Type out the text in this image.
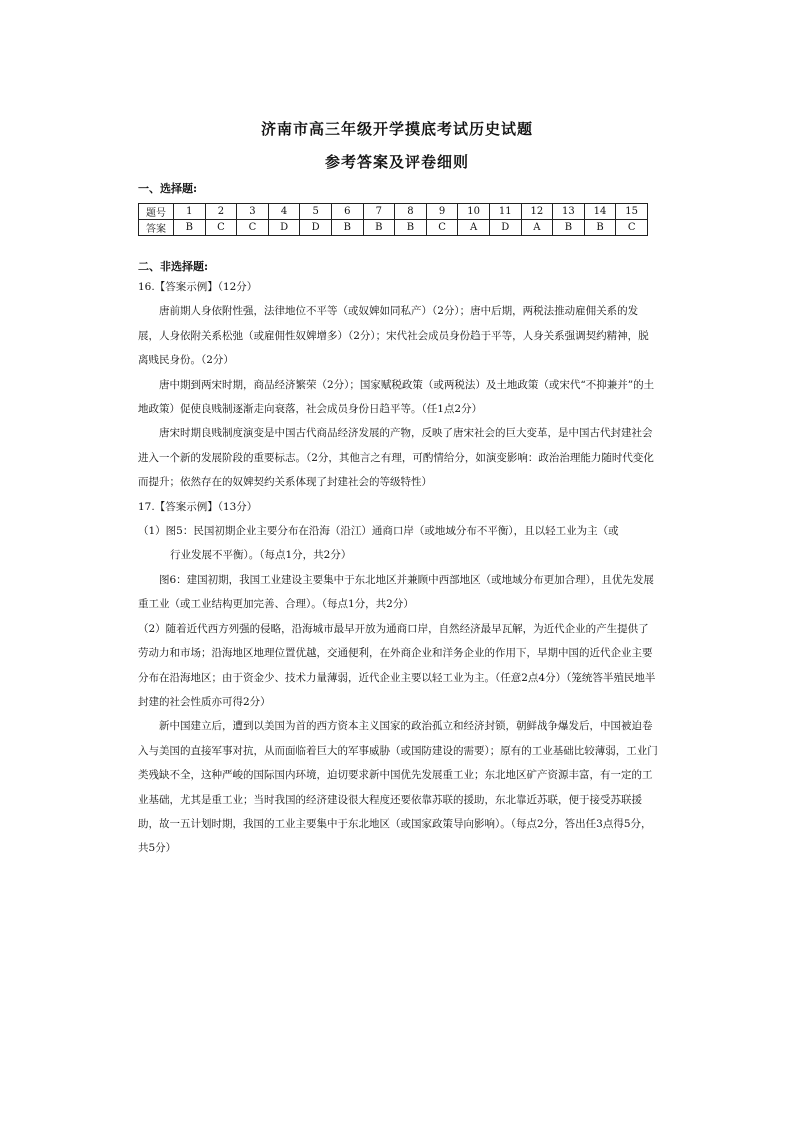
济南市高三年级开学摸底考试历史试题
参考答案及评卷细则
一、选择题:
题号	1	2	3	4	5	6	7	8	9	10	11	12	13	14	15
答案	B	C	C	D	D	B	B	B	C	A	D	A	B	B	C
二、非选择题:

16.【答案示例】（12分）

唐前期人身依附性强，法律地位不平等（或奴婢如同私产）（2分）；唐中后期，两税法推动雇佣关系的发展，人身依附关系松弛（或雇佣性奴婢增多）（2分）；宋代社会成员身份趋于平等，人身关系强调契约精神，脱离贱民身份。（2分）

唐中期到两宋时期，商品经济繁荣（2分）；国家赋税政策（或两税法）及土地政策（或宋代“不抑兼并”的土地政策）促使良贱制逐渐走向衰落，社会成员身份日趋平等。（任1点2分）

唐宋时期良贱制度演变是中国古代商品经济发展的产物，反映了唐宋社会的巨大变革，是中国古代封建社会进入一个新的发展阶段的重要标志。（2分，其他言之有理，可酌情给分，如演变影响：政治治理能力随时代变化而提升；依然存在的奴婢契约关系体现了封建社会的等级特性）

17.【答案示例】（13分）

（1）图5：民国初期企业主要分布在沿海（沿江）通商口岸（或地域分布不平衡），且以轻工业为主（或

行业发展不平衡）。（每点1分，共2分）

图6：建国初期，我国工业建设主要集中于东北地区并兼顾中西部地区（或地域分布更加合理），且优先发展重工业（或工业结构更加完善、合理）。（每点1分，共2分）

（2）随着近代西方列强的侵略，沿海城市最早开放为通商口岸，自然经济最早瓦解，为近代企业的产生提供了劳动力和市场；沿海地区地理位置优越，交通便利，在外商企业和洋务企业的作用下，早期中国的近代企业主要分布在沿海地区；由于资金少、技术力量薄弱，近代企业主要以轻工业为主。（任意2点4分）（笼统答半殖民地半封建的社会性质亦可得2分）

新中国建立后，遭到以美国为首的西方资本主义国家的政治孤立和经济封锁，朝鲜战争爆发后，中国被迫卷入与美国的直接军事对抗，从而面临着巨大的军事威胁（或国防建设的需要）；原有的工业基础比较薄弱，工业门类残缺不全，这种严峻的国际国内环境，迫切要求新中国优先发展重工业；东北地区矿产资源丰富，有一定的工业基础，尤其是重工业；当时我国的经济建设很大程度还要依靠苏联的援助，东北靠近苏联，便于接受苏联援助，故一五计划时期，我国的工业主要集中于东北地区（或国家政策导向影响）。（每点2分，答出任3点得5分，共5分）
